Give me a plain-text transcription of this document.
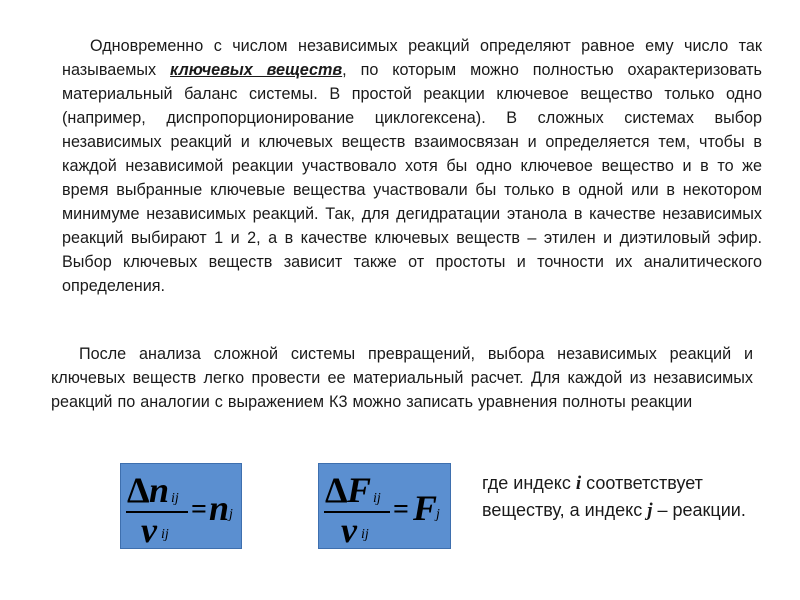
Одновременно с числом независимых реакций определяют равное ему число так называемых ключевых веществ, по которым можно полностью охарактеризовать материальный баланс системы. В простой реакции ключевое вещество только одно (например, диспропорционирование циклогексена). В сложных системах выбор независимых реакций и ключевых веществ взаимосвязан и определяется тем, чтобы в каждой независимой реакции участвовало хотя бы одно ключевое вещество и в то же время выбранные ключевые вещества участвовали бы только в одной или в некотором минимуме независимых реакций. Так, для дегидратации этанола в качестве независимых реакций выбирают 1 и 2, а в качестве ключевых веществ – этилен и диэтиловый эфир. Выбор ключевых веществ зависит также от простоты и точности их аналитического определения.
После анализа сложной системы превращений, выбора независимых реакций и ключевых веществ легко провести ее материальный расчет. Для каждой из независимых реакций по аналогии с выражением К3 можно записать уравнения полноты реакции
Δ n ij
ν ij
= n j
Δ F ij
ν ij
= F
j
где индекс i соответствует веществу, а индекс j – реакции.
